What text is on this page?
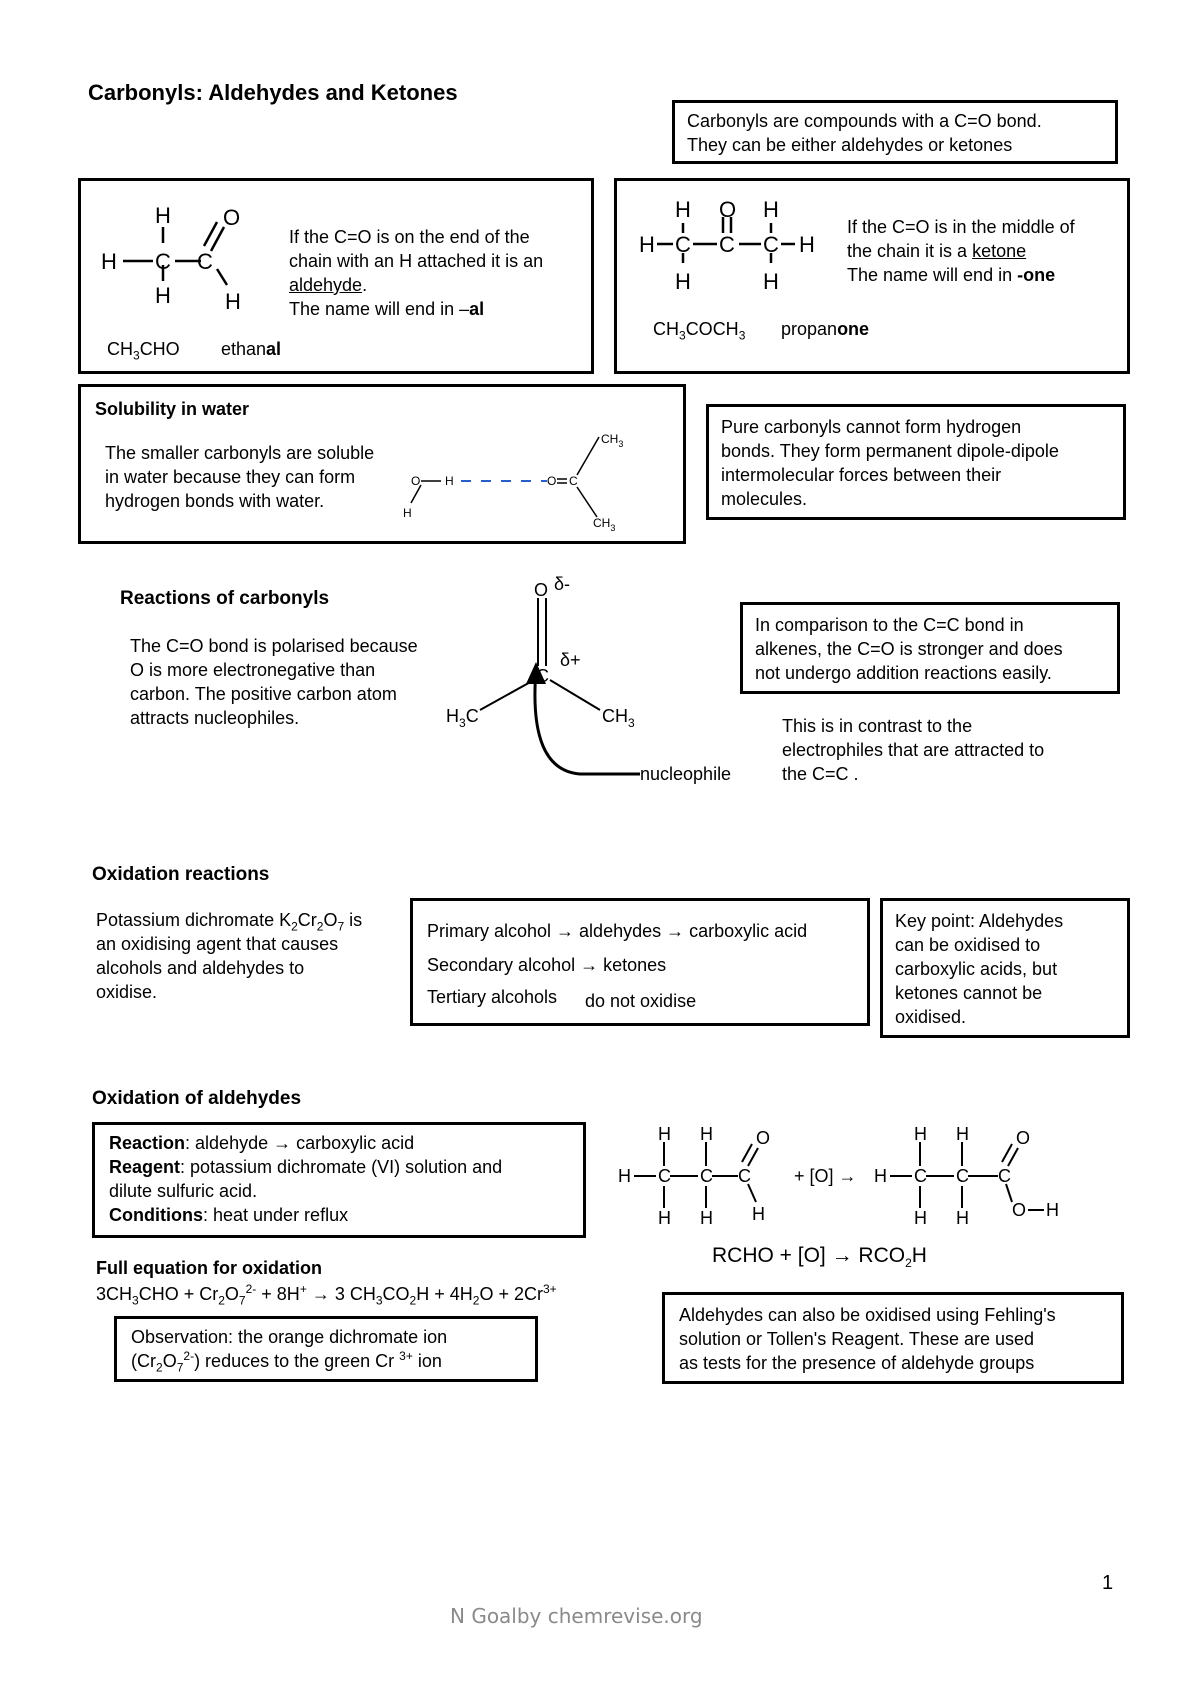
Carbonyls: Aldehydes and Ketones
Carbonyls are compounds with a C=O bond.
They can be either aldehydes or ketones
H
H C
H
C
O
H
If the C=O is on the end of the
chain with an H attached it is an
aldehyde.
The name will end in –al
$CH_3CHO$ ethanal
H O H
H C C C H
H	H
If the C=O is in the middle of
the chain it is a ketone
The name will end in -one
$CH_3COCH_3$ propanone
Solubility in water
The smaller carbonyls are soluble
in water because they can form
hydrogen bonds with water.
O
H
H	O C
$CH_3$
$CH_3$
Pure carbonyls cannot form hydrogen
bonds. They form permanent dipole-dipole
intermolecular forces between their
molecules.
Reactions of carbonyls
The C=O bond is polarised because
O is more electronegative than
carbon. The positive carbon atom
attracts nucleophiles.
O δ-
C
δ+
$H_3C$	$CH_3$
nucleophile
In comparison to the C=C bond in
alkenes, the C=O is stronger and does
not undergo addition reactions easily.
This is in contrast to the
electrophiles that are attracted to
the C=C .
Oxidation reactions
Potassium dichromate $K_2Cr_2O_7$ is
an oxidising agent that causes
alcohols and aldehydes to
oxidise.
Primary alcohol → aldehydes → carboxylic acid
Secondary alcohol → ketones
Tertiary alcohols do not oxidise
Key point: Aldehydes
can be oxidised to
carboxylic acids, but
ketones cannot be
oxidised.
Oxidation of aldehydes
Reaction: aldehyde → carboxylic acid
Reagent: potassium dichromate (VI) solution and
dilute sulfuric acid.
Conditions: heat under reflux
H H
H C C C
O
H H H
+ [O] →
H H
H C C C
O
H H O H
RCHO + $[O] \to RCO_2H$
Full equation for oxidation
$3CH_3CHO + Cr_2O_7^{2-} + 8H^+ \to 3$ $CH_3CO_2H + 4H_2O + 2Cr^{3+}$
Observation: the orange dichromate ion
$(Cr_2O_7^{2-})$ reduces to the green Cr $^{3+}$ ion
Aldehydes can also be oxidised using Fehling's
solution or Tollen's Reagent. These are used
as tests for the presence of aldehyde groups
1
N Goalby chemrevise.org
